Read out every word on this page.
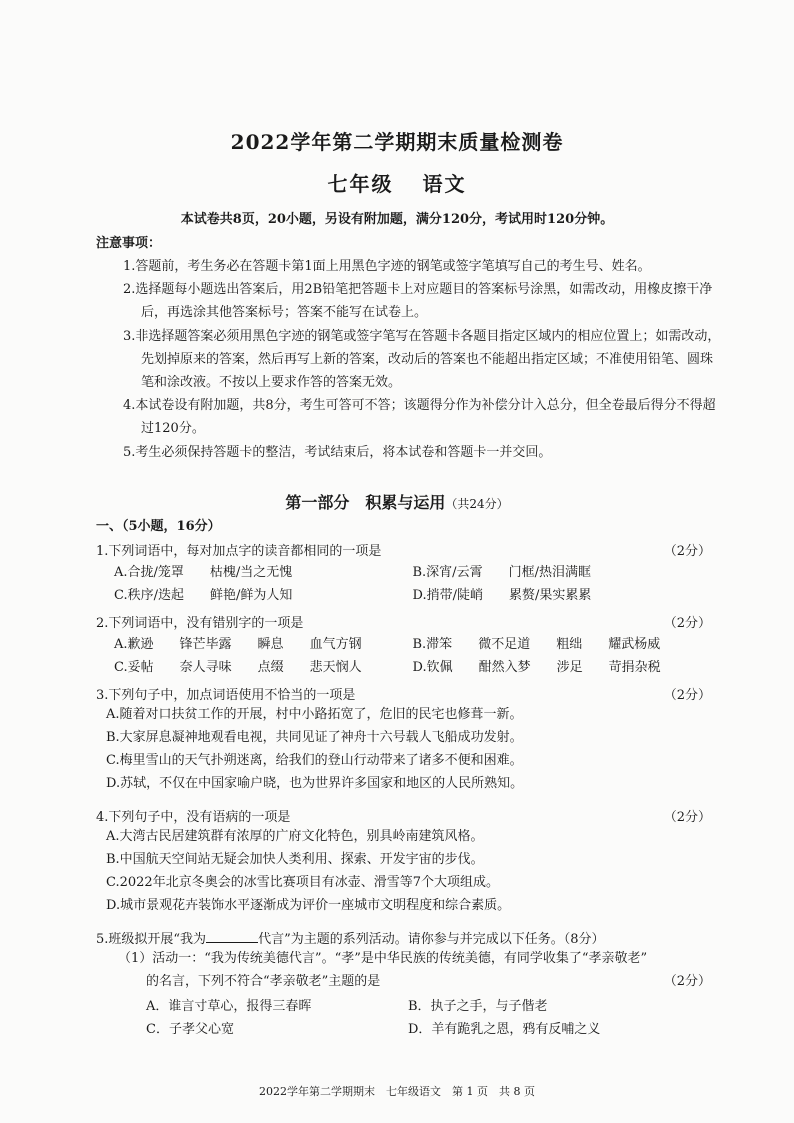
2022学年第二学期期末质量检测卷
七年级 语文
本试卷共8页，20小题，另设有附加题，满分120分，考试用时120分钟。
注意事项：
1.答题前，考生务必在答题卡第1面上用黑色字迹的钢笔或签字笔填写自己的考生号、姓名。
2.选择题每小题选出答案后，用2B铅笔把答题卡上对应题目的答案标号涂黑，如需改动，用橡皮擦干净后，再选涂其他答案标号；答案不能写在试卷上。
3.非选择题答案必须用黑色字迹的钢笔或签字笔写在答题卡各题目指定区域内的相应位置上；如需改动，先划掉原来的答案，然后再写上新的答案，改动后的答案也不能超出指定区域；不准使用铅笔、圆珠笔和涂改液。不按以上要求作答的答案无效。
4.本试卷设有附加题，共8分，考生可答可不答；该题得分作为补偿分计入总分，但全卷最后得分不得超过120分。
5.考生必须保持答题卡的整洁，考试结束后，将本试卷和答题卡一并交回。
第一部分　积累与运用（共24分）
一、（5小题，16分）
1.下列词语中，每对加点字的读音都相同的一项是	（2分）
A.合拢/笼罩 枯槐/当之无愧	B.深宵/云霄 门框/热泪满眶
C.秩序/迭起 鲜艳/鲜为人知	D.捎带/陡峭 累赘/果实累累
2.下列词语中，没有错别字的一项是	（2分）
A.歉逊 锋芒毕露 瞬息 血气方钢	B.滞笨 微不足道 粗绌 耀武杨威
C.妥帖 奈人寻味 点缀 悲天悯人	D.钦佩 酣然入梦 涉足 苛捐杂税
3.下列句子中，加点词语使用不恰当的一项是	（2分）
A.随着对口扶贫工作的开展，村中小路拓宽了，危旧的民宅也修葺一新。
B.大家屏息凝神地观看电视，共同见证了神舟十六号载人飞船成功发射。
C.梅里雪山的天气扑朔迷离，给我们的登山行动带来了诸多不便和困难。
D.苏轼，不仅在中国家喻户晓，也为世界许多国家和地区的人民所熟知。
4.下列句子中，没有语病的一项是	（2分）
A.大湾古民居建筑群有浓厚的广府文化特色，别具岭南建筑风格。
B.中国航天空间站无疑会加快人类利用、探索、开发宇宙的步伐。
C.2022年北京冬奥会的冰雪比赛项目有冰壶、滑雪等7个大项组成。
D.城市景观花卉装饰水平逐渐成为评价一座城市文明程度和综合素质。
5.班级拟开展“我为	代言”为主题的系列活动。请你参与并完成以下任务。（8分）
（1）活动一：“我为传统美德代言”。“孝”是中华民族的传统美德，有同学收集了“孝亲敬老”
的名言，下列不符合“孝亲敬老”主题的是	（2分）
A．谁言寸草心，报得三春晖	B．执子之手，与子偕老
C．子孝父心宽	D．羊有跪乳之恩，鸦有反哺之义
2022学年第二学期期末　七年级语文　第 1 页　共 8 页
